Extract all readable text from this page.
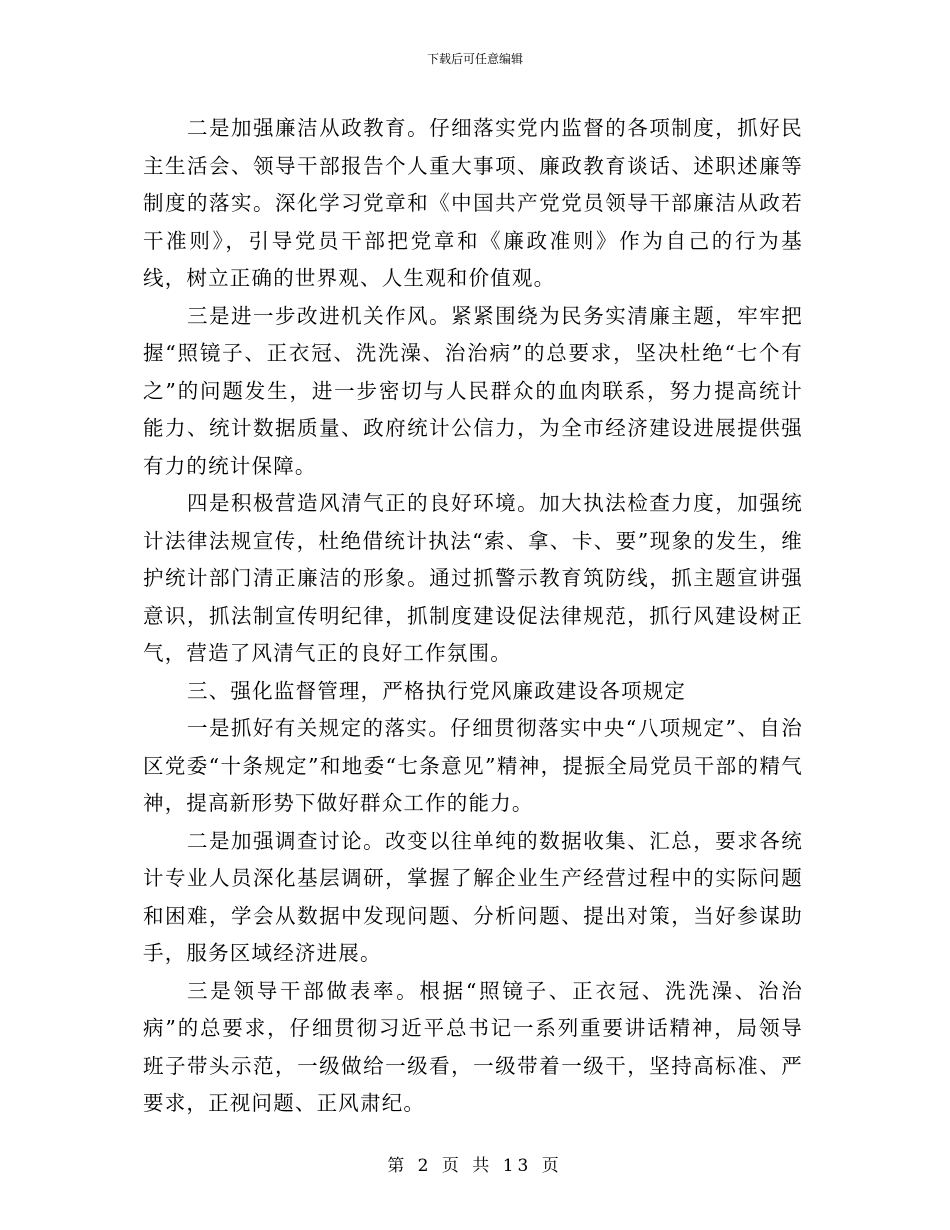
下载后可任意编辑

二是加强廉洁从政教育。仔细落实党内监督的各项制度，抓好民主生活会、领导干部报告个人重大事项、廉政教育谈话、述职述廉等制度的落实。深化学习党章和《中国共产党党员领导干部廉洁从政若干准则》，引导党员干部把党章和《廉政准则》作为自己的行为基线，树立正确的世界观、人生观和价值观。

三是进一步改进机关作风。紧紧围绕为民务实清廉主题，牢牢把握“照镜子、正衣冠、洗洗澡、治治病”的总要求，坚决杜绝“七个有之”的问题发生，进一步密切与人民群众的血肉联系，努力提高统计能力、统计数据质量、政府统计公信力，为全市经济建设进展提供强有力的统计保障。

四是积极营造风清气正的良好环境。加大执法检查力度，加强统计法律法规宣传，杜绝借统计执法“索、拿、卡、要”现象的发生，维护统计部门清正廉洁的形象。通过抓警示教育筑防线，抓主题宣讲强意识，抓法制宣传明纪律，抓制度建设促法律规范，抓行风建设树正气，营造了风清气正的良好工作氛围。

三、强化监督管理，严格执行党风廉政建设各项规定

一是抓好有关规定的落实。仔细贯彻落实中央“八项规定”、自治区党委“十条规定”和地委“七条意见”精神，提振全局党员干部的精气神，提高新形势下做好群众工作的能力。

二是加强调查讨论。改变以往单纯的数据收集、汇总，要求各统计专业人员深化基层调研，掌握了解企业生产经营过程中的实际问题和困难，学会从数据中发现问题、分析问题、提出对策，当好参谋助手，服务区域经济进展。

三是领导干部做表率。根据“照镜子、正衣冠、洗洗澡、治治病”的总要求，仔细贯彻习近平总书记一系列重要讲话精神，局领导班子带头示范，一级做给一级看，一级带着一级干，坚持高标准、严要求，正视问题、正风肃纪。

第 2 页 共 13 页
